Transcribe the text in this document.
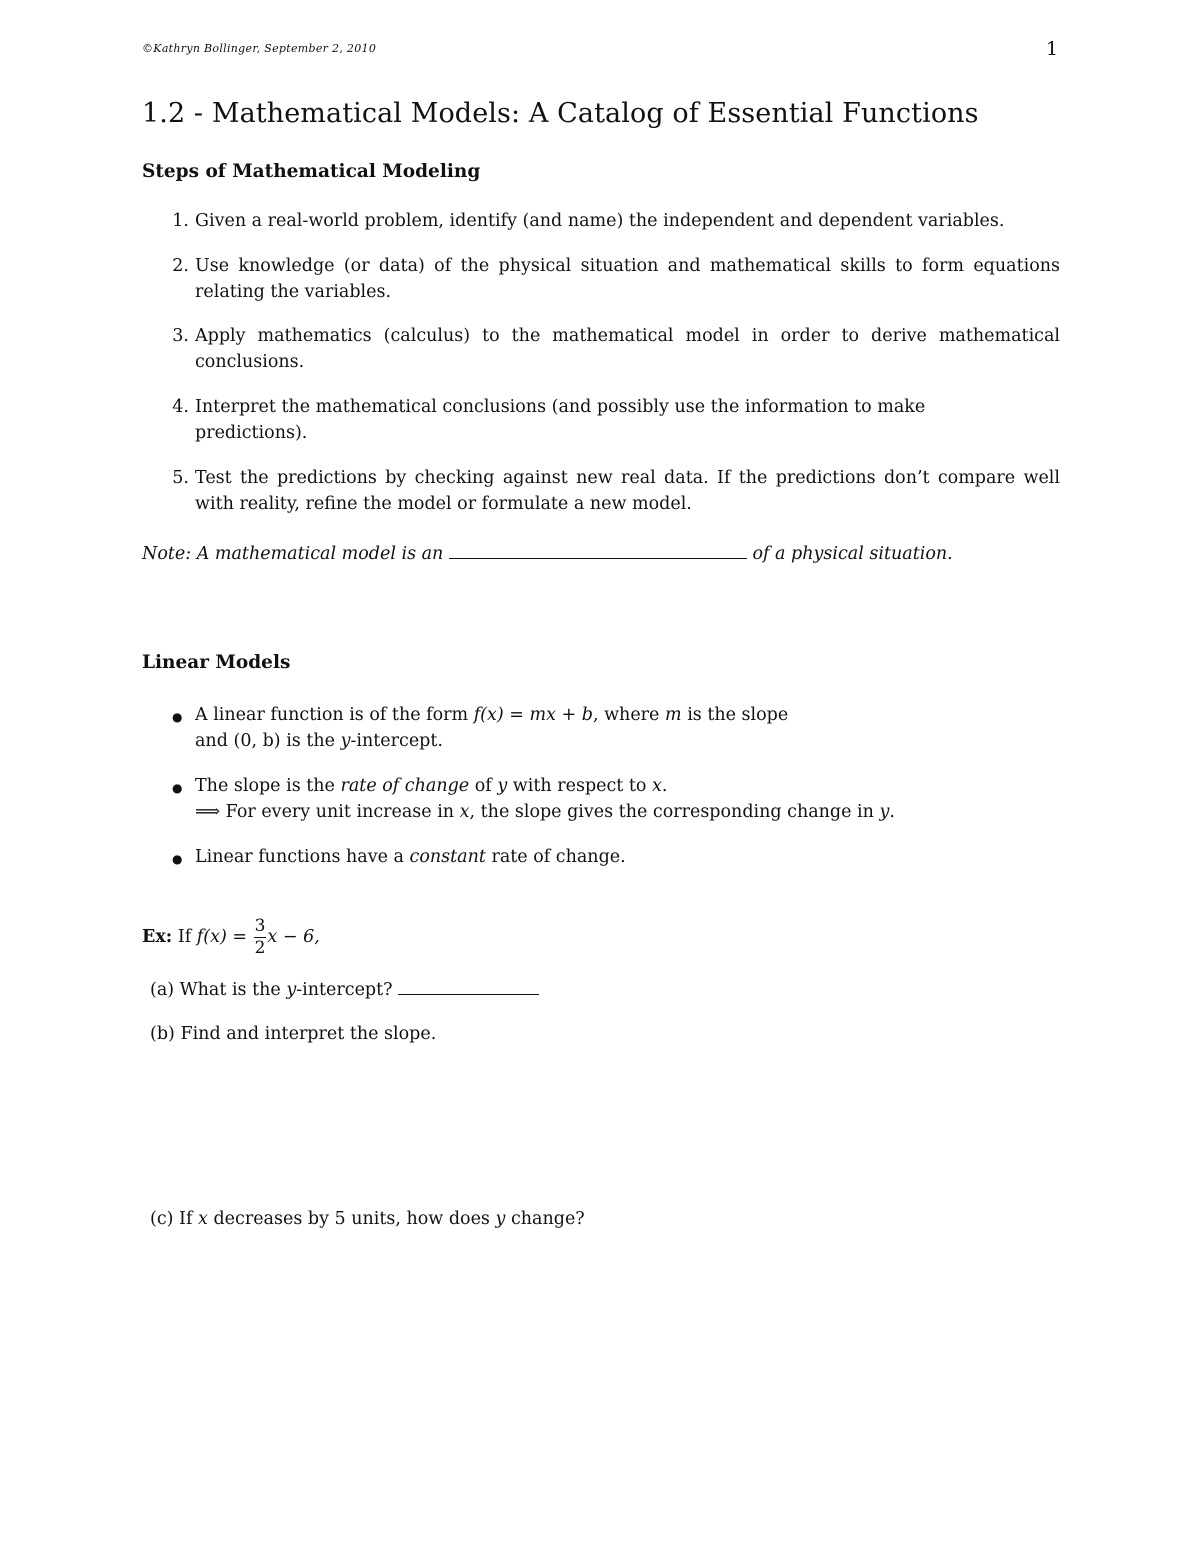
©Kathryn Bollinger, September 2, 2010	1
1.2 - Mathematical Models: A Catalog of Essential Functions
Steps of Mathematical Modeling
1. Given a real-world problem, identify (and name) the independent and dependent variables.
2. Use knowledge (or data) of the physical situation and mathematical skills to form equations relating the variables.
3. Apply mathematics (calculus) to the mathematical model in order to derive mathematical conclusions.
4. Interpret the mathematical conclusions (and possibly use the information to make
predictions).
5. Test the predictions by checking against new real data. If the predictions don’t compare well with reality, refine the model or formulate a new model.
Note: A mathematical model is an	of a physical situation.
Linear Models
● A linear function is of the form f(x) = mx + b, where m is the slope
and (0, b) is the y-intercept.
● The slope is the rate of change of y with respect to x.
⟹ For every unit increase in x, the slope gives the corresponding change in y.
● Linear functions have a constant rate of change.
Ex: If $f(x) = \frac{3}{2}$ x − 6,
(a) What is the y-intercept?
(b) Find and interpret the slope.
(c) If x decreases by 5 units, how does y change?
